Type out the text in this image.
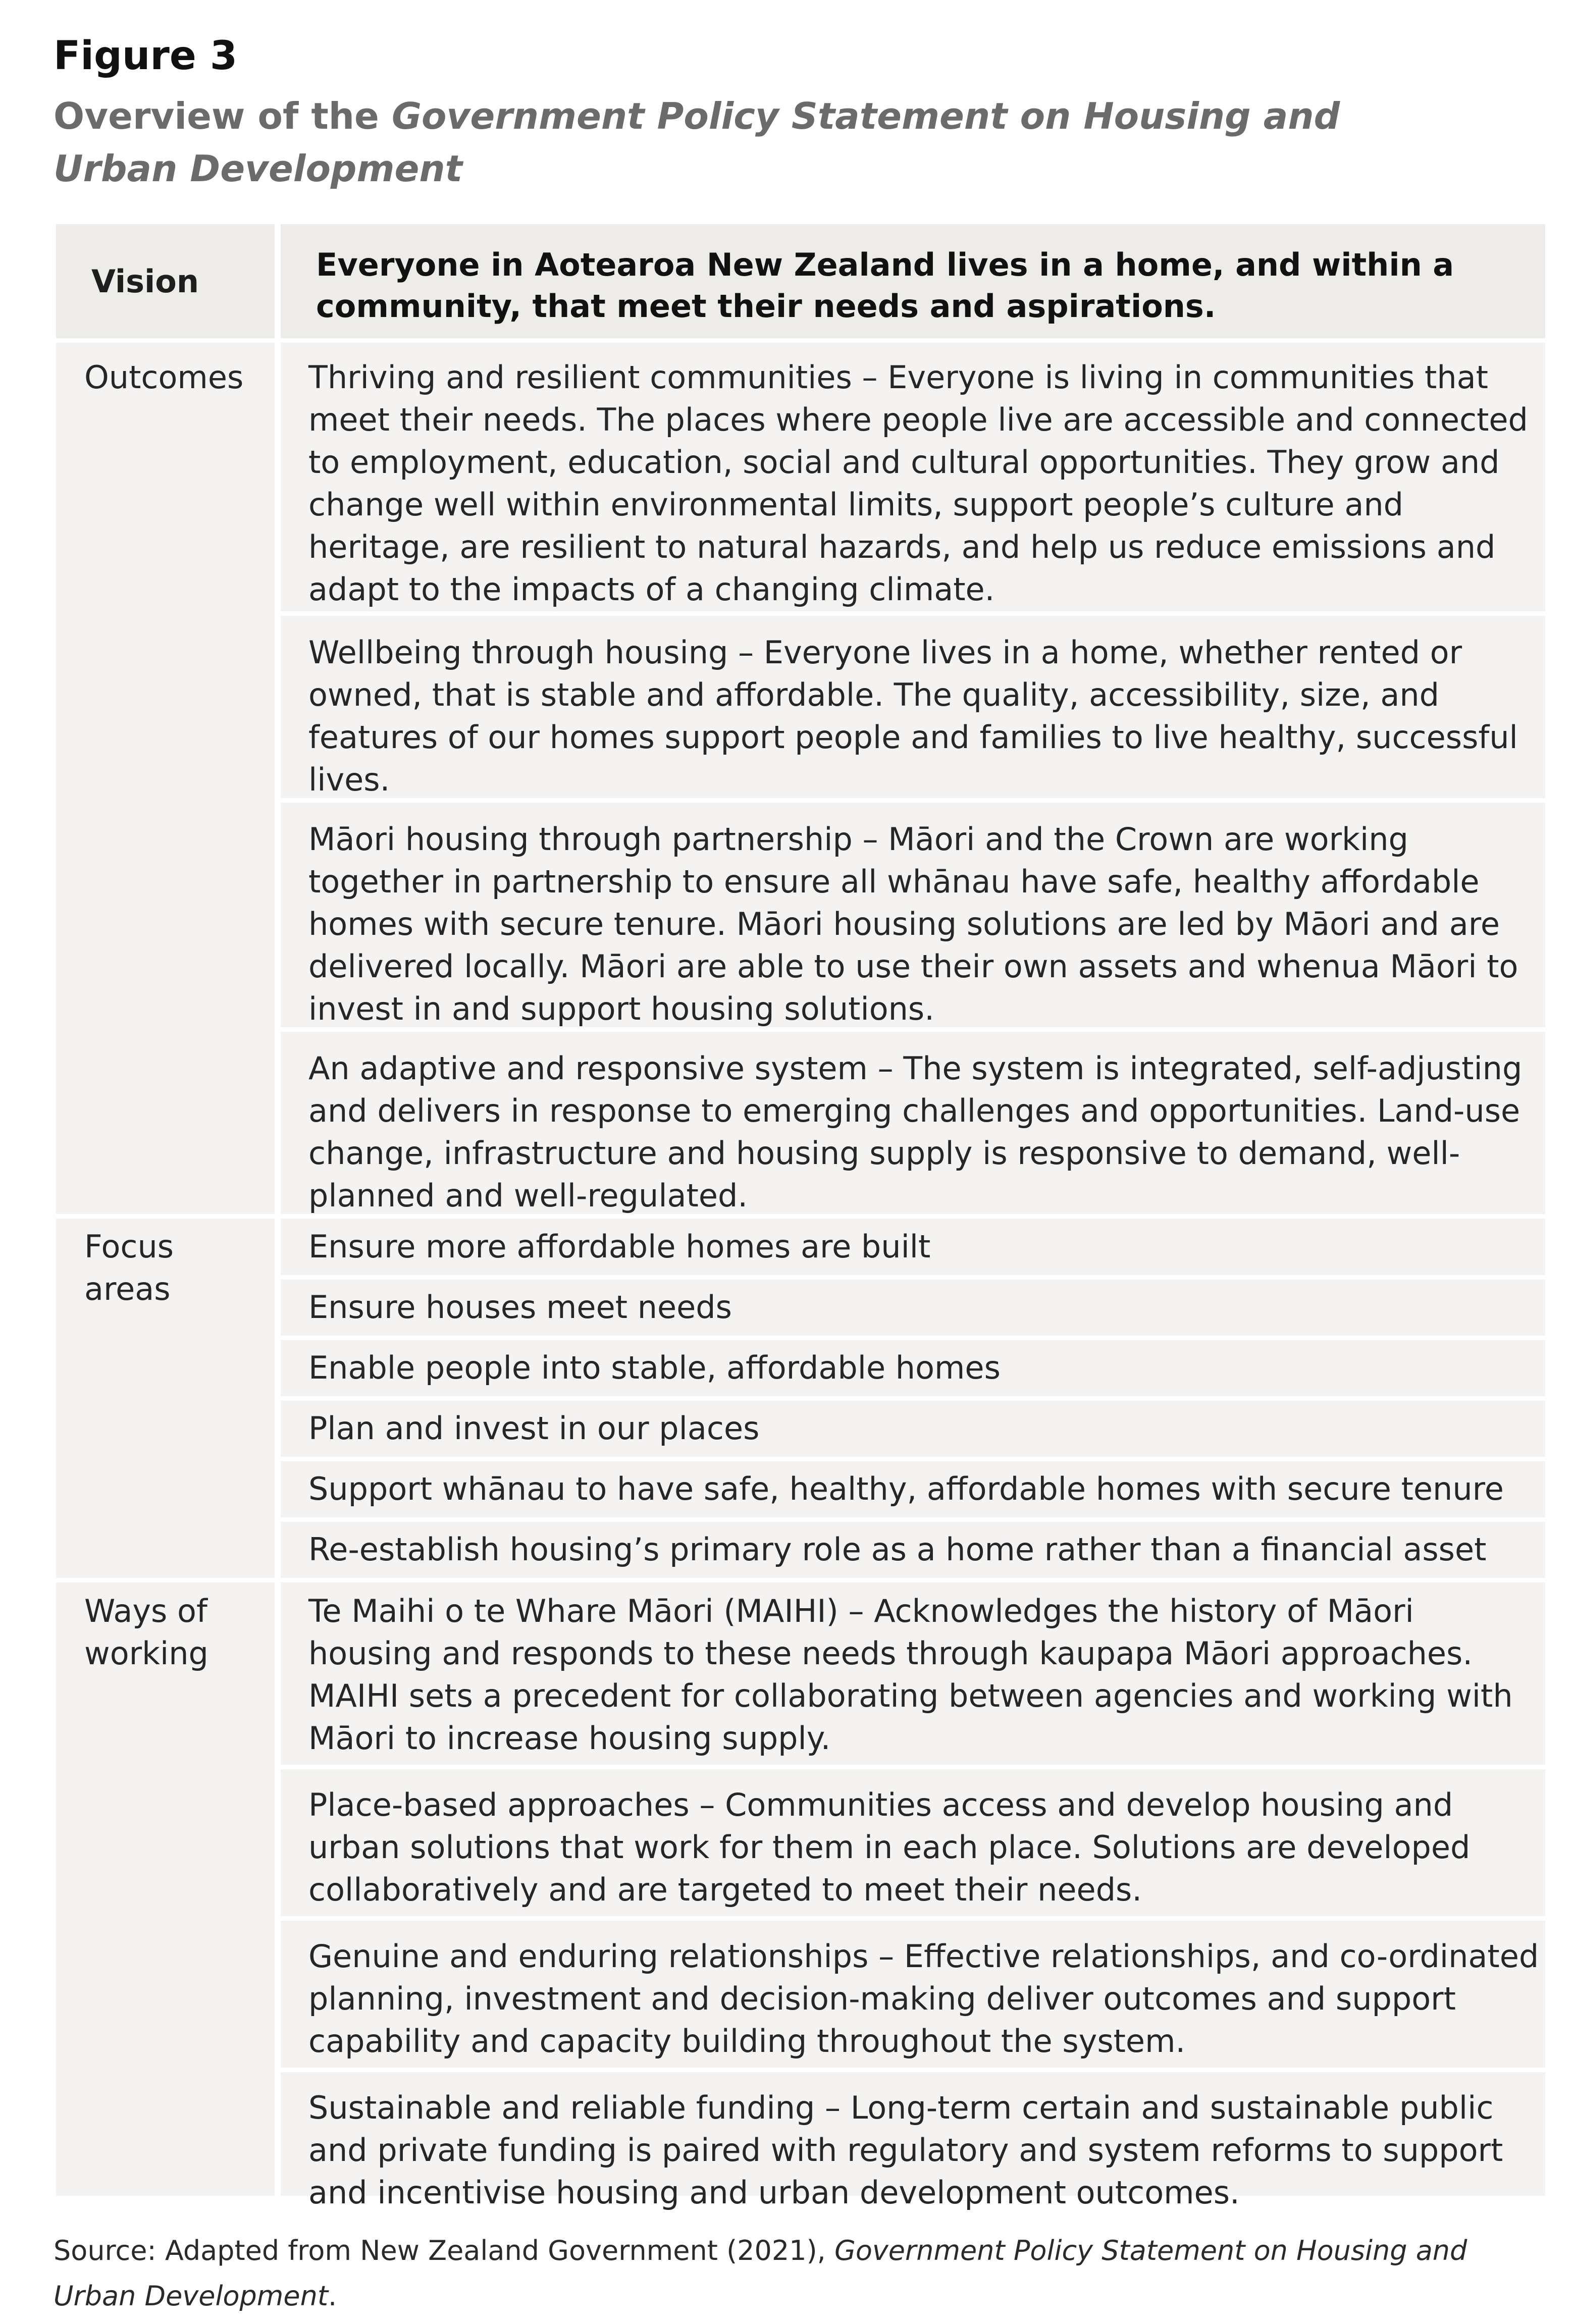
Figure 3
Overview of the Government Policy Statement on Housing and Urban Development
Vision	Everyone in Aotearoa New Zealand lives in a home, and within a community, that meet their needs and aspirations.
Outcomes Thriving and resilient communities – Everyone is living in communities that meet their needs. The places where people live are accessible and connected to employment, education, social and cultural opportunities. They grow and change well within environmental limits, support people’s culture and heritage, are resilient to natural hazards, and help us reduce emissions and adapt to the impacts of a changing climate.
Wellbeing through housing – Everyone lives in a home, whether rented or owned, that is stable and affordable. The quality, accessibility, size, and features of our homes support people and families to live healthy, successful lives.
Māori housing through partnership – Māori and the Crown are working together in partnership to ensure all whānau have safe, healthy affordable homes with secure tenure. Māori housing solutions are led by Māori and are delivered locally. Māori are able to use their own assets and whenua Māori to invest in and support housing solutions.
An adaptive and responsive system – The system is integrated, self-adjusting and delivers in response to emerging challenges and opportunities. Land-use change, infrastructure and housing supply is responsive to demand, well-planned and well-regulated.
Focus areas
Ensure more affordable homes are built
Ensure houses meet needs
Enable people into stable, affordable homes
Plan and invest in our places
Support whānau to have safe, healthy, affordable homes with secure tenure
Re-establish housing’s primary role as a home rather than a financial asset
Ways of working
Te Maihi o te Whare Māori (MAIHI) – Acknowledges the history of Māori housing and responds to these needs through kaupapa Māori approaches. MAIHI sets a precedent for collaborating between agencies and working with Māori to increase housing supply.
Place-based approaches – Communities access and develop housing and urban solutions that work for them in each place. Solutions are developed collaboratively and are targeted to meet their needs.
Genuine and enduring relationships – Effective relationships, and co-ordinated planning, investment and decision-making deliver outcomes and support capability and capacity building throughout the system.
Sustainable and reliable funding – Long-term certain and sustainable public and private funding is paired with regulatory and system reforms to support and incentivise housing and urban development outcomes.
Source: Adapted from New Zealand Government (2021), Government Policy Statement on Housing and Urban Development.
